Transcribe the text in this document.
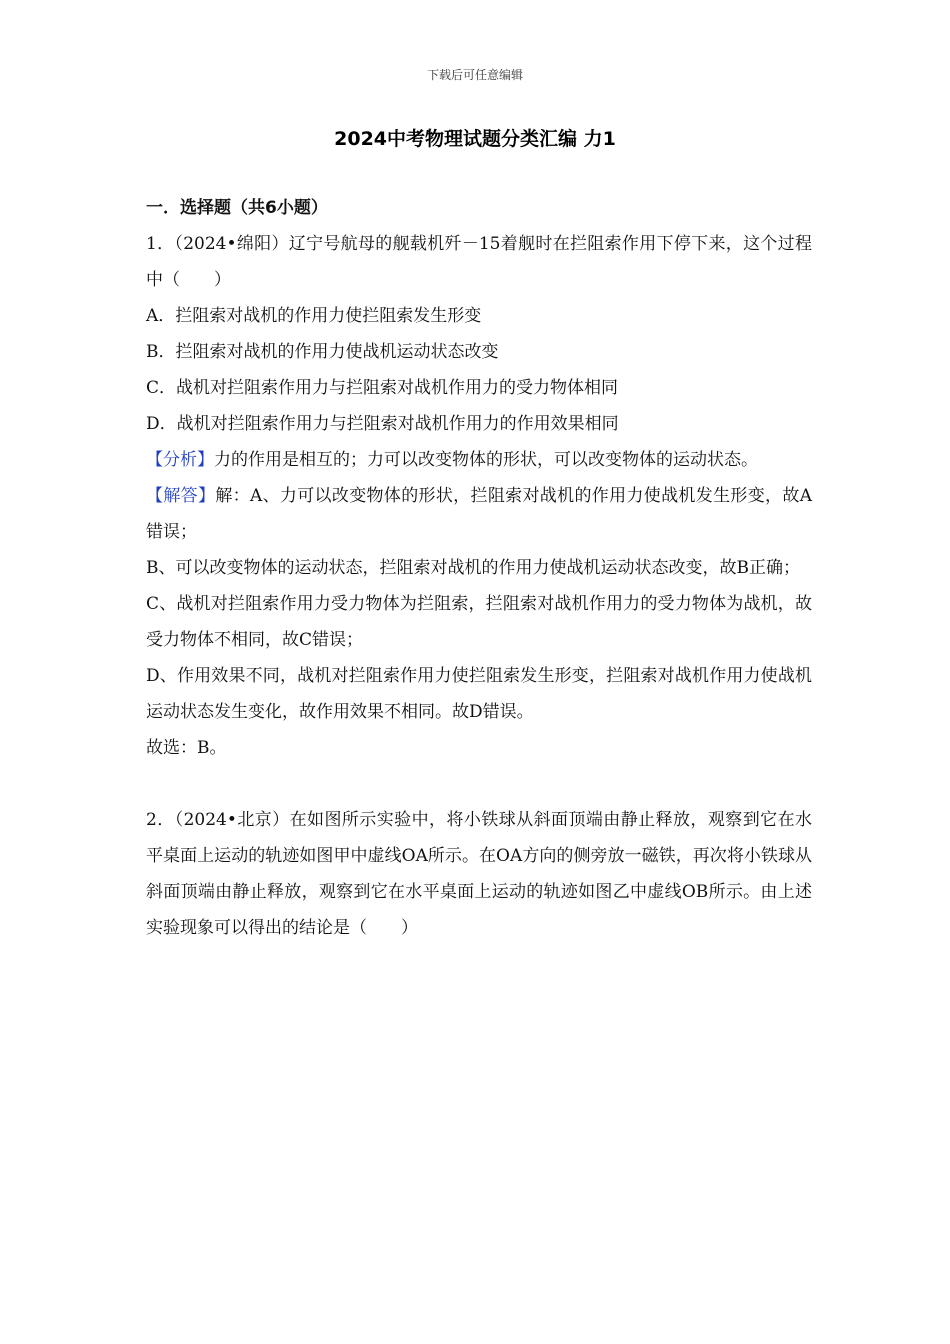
下载后可任意编辑
2024中考物理试题分类汇编 力1
一．选择题（共6小题）
1．（2024•绵阳）辽宁号航母的舰载机歼－15着舰时在拦阻索作用下停下来，这个过程中（　　）
A．拦阻索对战机的作用力使拦阻索发生形变
B．拦阻索对战机的作用力使战机运动状态改变
C．战机对拦阻索作用力与拦阻索对战机作用力的受力物体相同
D．战机对拦阻索作用力与拦阻索对战机作用力的作用效果相同
【分析】力的作用是相互的；力可以改变物体的形状，可以改变物体的运动状态。
【解答】解：A、力可以改变物体的形状，拦阻索对战机的作用力使战机发生形变，故A错误；
B、可以改变物体的运动状态，拦阻索对战机的作用力使战机运动状态改变，故B正确；
C、战机对拦阻索作用力受力物体为拦阻索，拦阻索对战机作用力的受力物体为战机，故受力物体不相同，故C错误；
D、作用效果不同，战机对拦阻索作用力使拦阻索发生形变，拦阻索对战机作用力使战机运动状态发生变化，故作用效果不相同。故D错误。
故选：B。
2．（2024•北京）在如图所示实验中，将小铁球从斜面顶端由静止释放，观察到它在水平桌面上运动的轨迹如图甲中虚线OA所示。在OA方向的侧旁放一磁铁，再次将小铁球从斜面顶端由静止释放，观察到它在水平桌面上运动的轨迹如图乙中虚线OB所示。由上述实验现象可以得出的结论是（　　）
